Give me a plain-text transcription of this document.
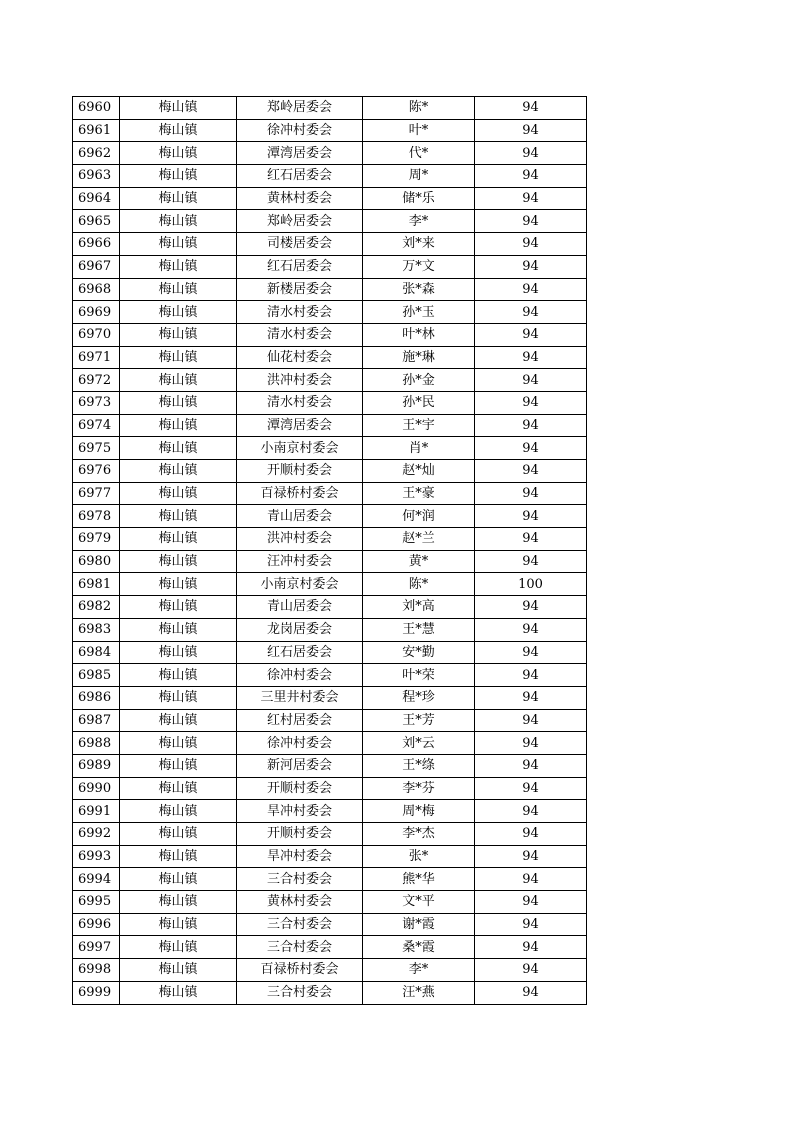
6960	梅山镇	郑岭居委会	陈*	94
6961	梅山镇	徐冲村委会	叶*	94
6962	梅山镇	潭湾居委会	代*	94
6963	梅山镇	红石居委会	周*	94
6964	梅山镇	黄林村委会	储*乐	94
6965	梅山镇	郑岭居委会	李*	94
6966	梅山镇	司楼居委会	刘*来	94
6967	梅山镇	红石居委会	万*文	94
6968	梅山镇	新楼居委会	张*森	94
6969	梅山镇	清水村委会	孙*玉	94
6970	梅山镇	清水村委会	叶*林	94
6971	梅山镇	仙花村委会	施*琳	94
6972	梅山镇	洪冲村委会	孙*金	94
6973	梅山镇	清水村委会	孙*民	94
6974	梅山镇	潭湾居委会	王*宇	94
6975	梅山镇	小南京村委会	肖*	94
6976	梅山镇	开顺村委会	赵*灿	94
6977	梅山镇	百禄桥村委会	王*豪	94
6978	梅山镇	青山居委会	何*润	94
6979	梅山镇	洪冲村委会	赵*兰	94
6980	梅山镇	汪冲村委会	黄*	94
6981	梅山镇	小南京村委会	陈*	100
6982	梅山镇	青山居委会	刘*高	94
6983	梅山镇	龙岗居委会	王*慧	94
6984	梅山镇	红石居委会	安*勤	94
6985	梅山镇	徐冲村委会	叶*荣	94
6986	梅山镇	三里井村委会	程*珍	94
6987	梅山镇	红村居委会	王*芳	94
6988	梅山镇	徐冲村委会	刘*云	94
6989	梅山镇	新河居委会	王*绦	94
6990	梅山镇	开顺村委会	李*芬	94
6991	梅山镇	旱冲村委会	周*梅	94
6992	梅山镇	开顺村委会	李*杰	94
6993	梅山镇	旱冲村委会	张*	94
6994	梅山镇	三合村委会	熊*华	94
6995	梅山镇	黄林村委会	文*平	94
6996	梅山镇	三合村委会	谢*霞	94
6997	梅山镇	三合村委会	桑*霞	94
6998	梅山镇	百禄桥村委会	李*	94
6999	梅山镇	三合村委会	汪*燕	94
